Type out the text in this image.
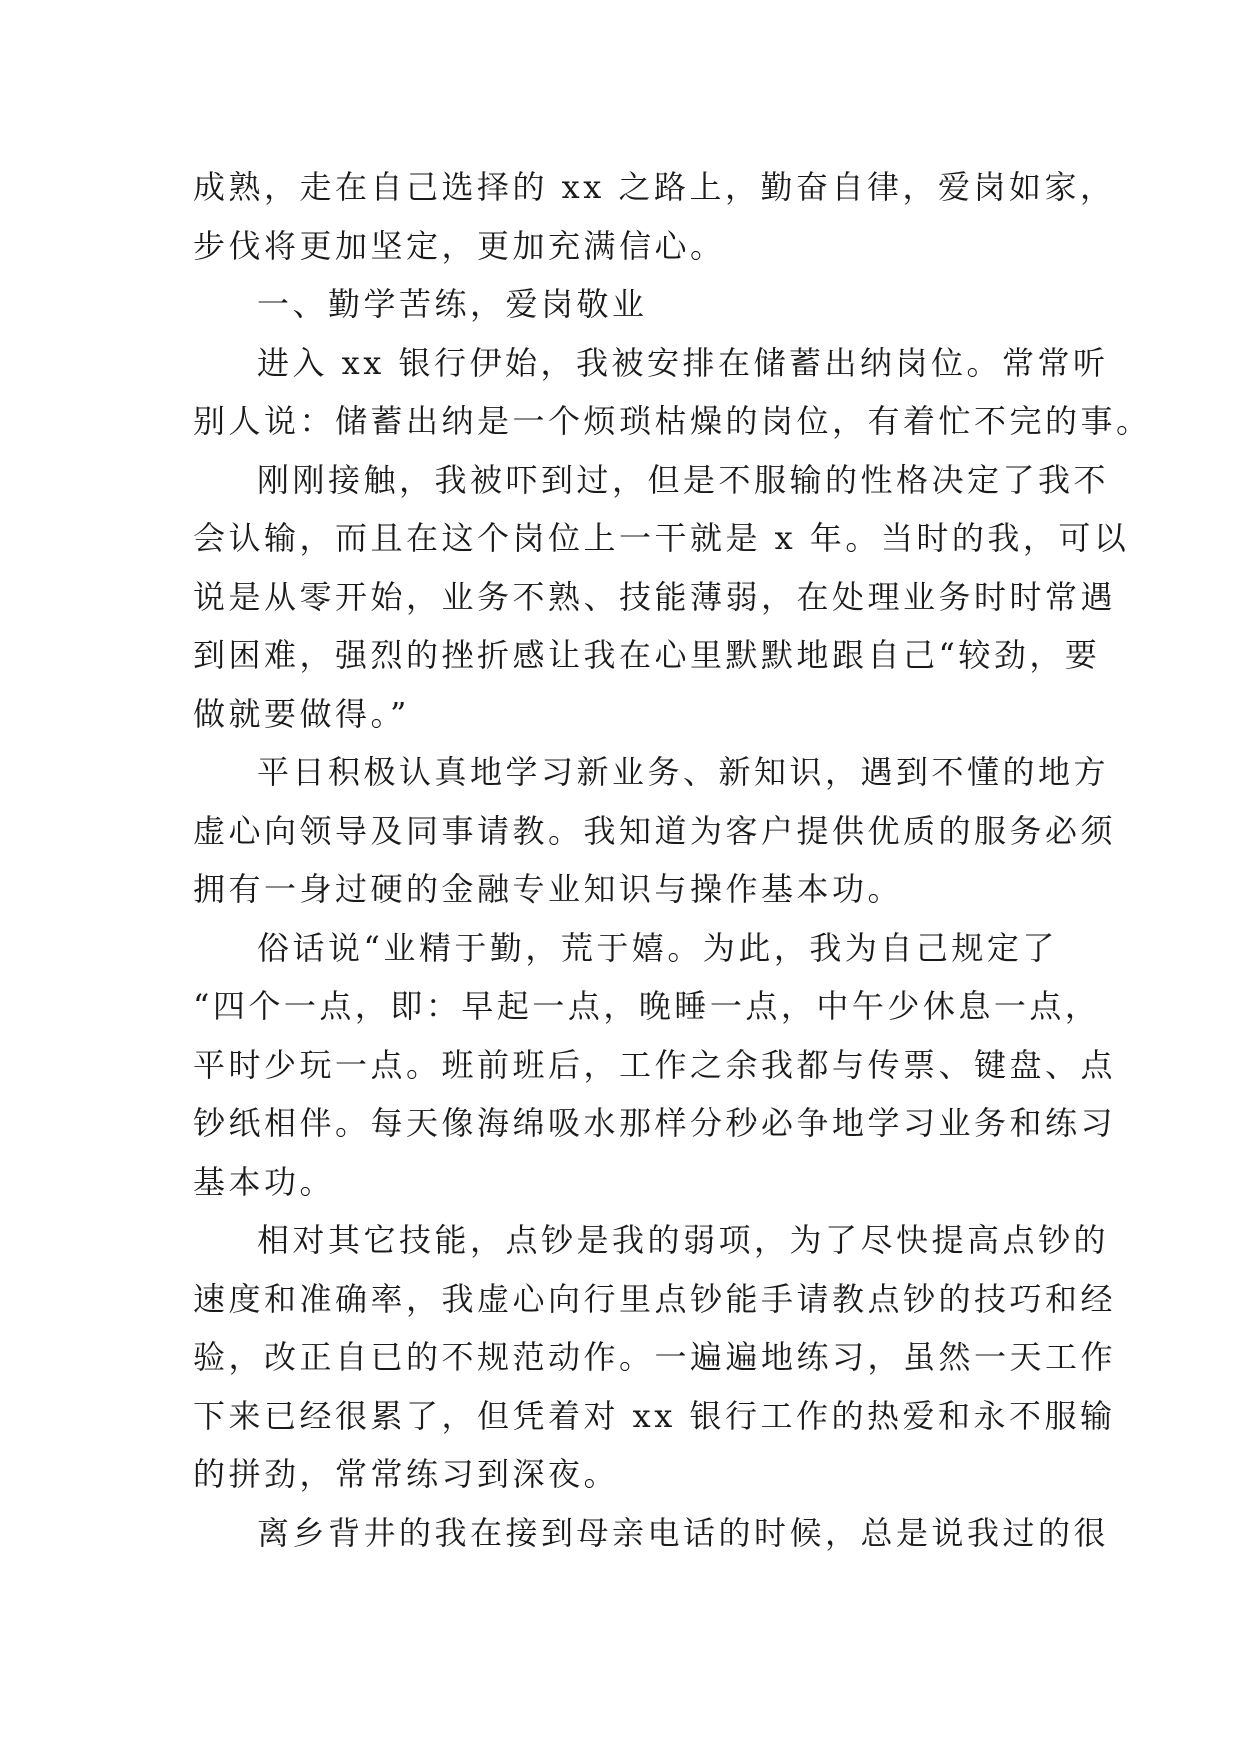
成熟，走在自己选择的 xx 之路上，勤奋自律，爱岗如家，
步伐将更加坚定，更加充满信心。
一、勤学苦练，爱岗敬业
进入 xx 银行伊始，我被安排在储蓄出纳岗位。常常听
别人说：储蓄出纳是一个烦琐枯燥的岗位，有着忙不完的事。
刚刚接触，我被吓到过，但是不服输的性格决定了我不
会认输，而且在这个岗位上一干就是 x 年。当时的我，可以
说是从零开始，业务不熟、技能薄弱，在处理业务时时常遇
到困难，强烈的挫折感让我在心里默默地跟自己“较劲，要
做就要做得。”
平日积极认真地学习新业务、新知识，遇到不懂的地方
虚心向领导及同事请教。我知道为客户提供优质的服务必须
拥有一身过硬的金融专业知识与操作基本功。
俗话说“业精于勤，荒于嬉。为此，我为自己规定了
“四个一点，即：早起一点，晚睡一点，中午少休息一点，
平时少玩一点。班前班后，工作之余我都与传票、键盘、点
钞纸相伴。每天像海绵吸水那样分秒必争地学习业务和练习
基本功。
相对其它技能，点钞是我的弱项，为了尽快提高点钞的
速度和准确率，我虚心向行里点钞能手请教点钞的技巧和经
验，改正自已的不规范动作。一遍遍地练习，虽然一天工作
下来已经很累了，但凭着对 xx 银行工作的热爱和永不服输
的拼劲，常常练习到深夜。
离乡背井的我在接到母亲电话的时候，总是说我过的很
